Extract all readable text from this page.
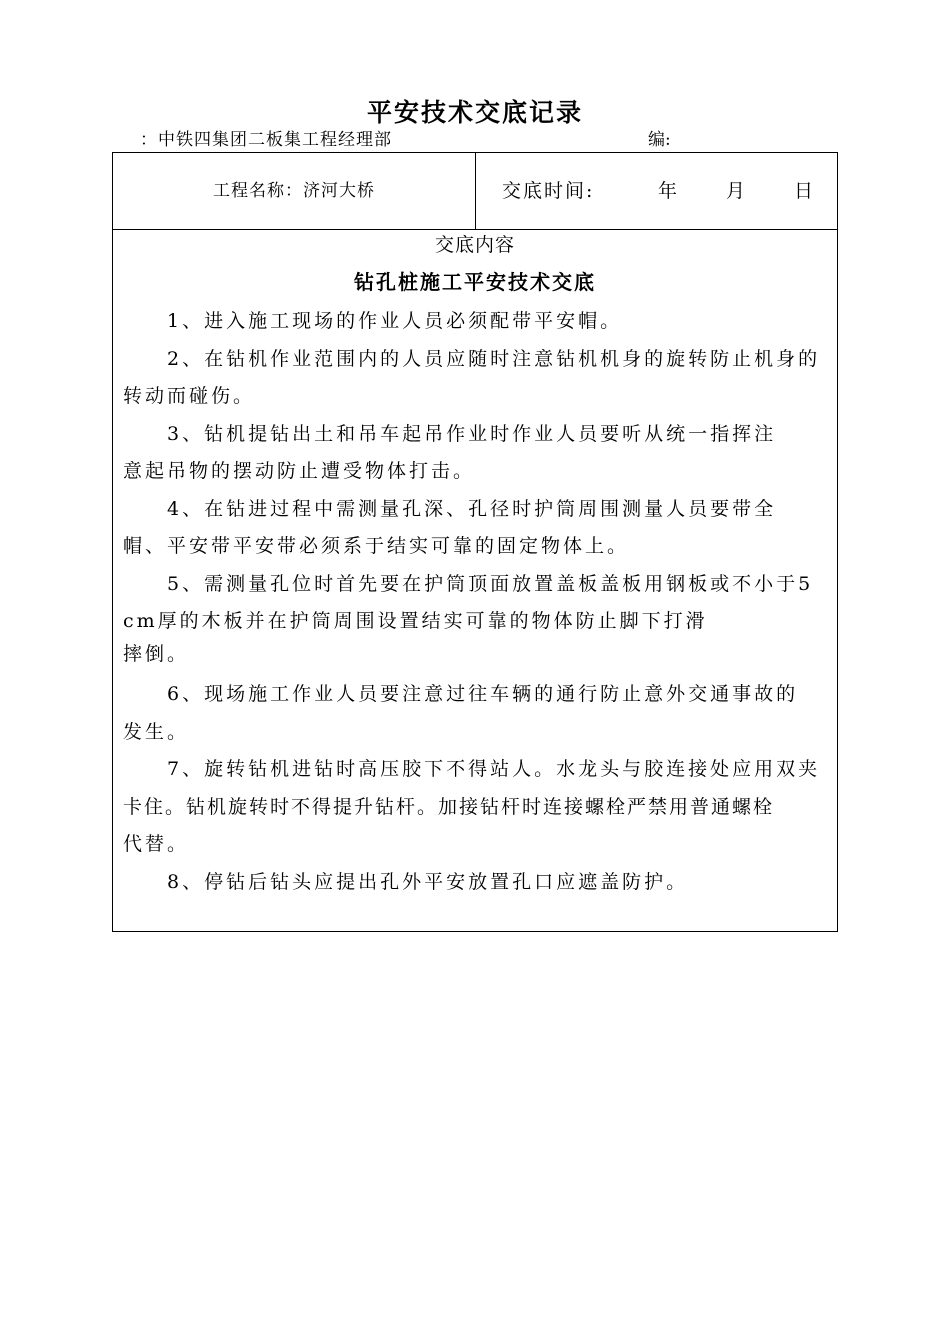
平安技术交底记录
：中铁四集团二板集工程经理部	编:
工程名称：济河大桥	交底时间:	年 月 日
交底内容
钻孔桩施工平安技术交底
1、进入施工现场的作业人员必须配带平安帽。
2、在钻机作业范围内的人员应随时注意钻机机身的旋转防止机身的
转动而碰伤。
3、钻机提钻出土和吊车起吊作业时作业人员要听从统一指挥注
意起吊物的摆动防止遭受物体打击。
4、在钻进过程中需测量孔深、孔径时护筒周围测量人员要带全
帽、平安带平安带必须系于结实可靠的固定物体上。
5、需测量孔位时首先要在护筒顶面放置盖板盖板用钢板或不小于5
cm厚的木板并在护筒周围设置结实可靠的物体防止脚下打滑
摔倒。
6、现场施工作业人员要注意过往车辆的通行防止意外交通事故的
发生。
7、旋转钻机进钻时高压胶下不得站人。水龙头与胶连接处应用双夹
卡住。钻机旋转时不得提升钻杆。加接钻杆时连接螺栓严禁用普通螺栓
代替。
8、停钻后钻头应提出孔外平安放置孔口应遮盖防护。
